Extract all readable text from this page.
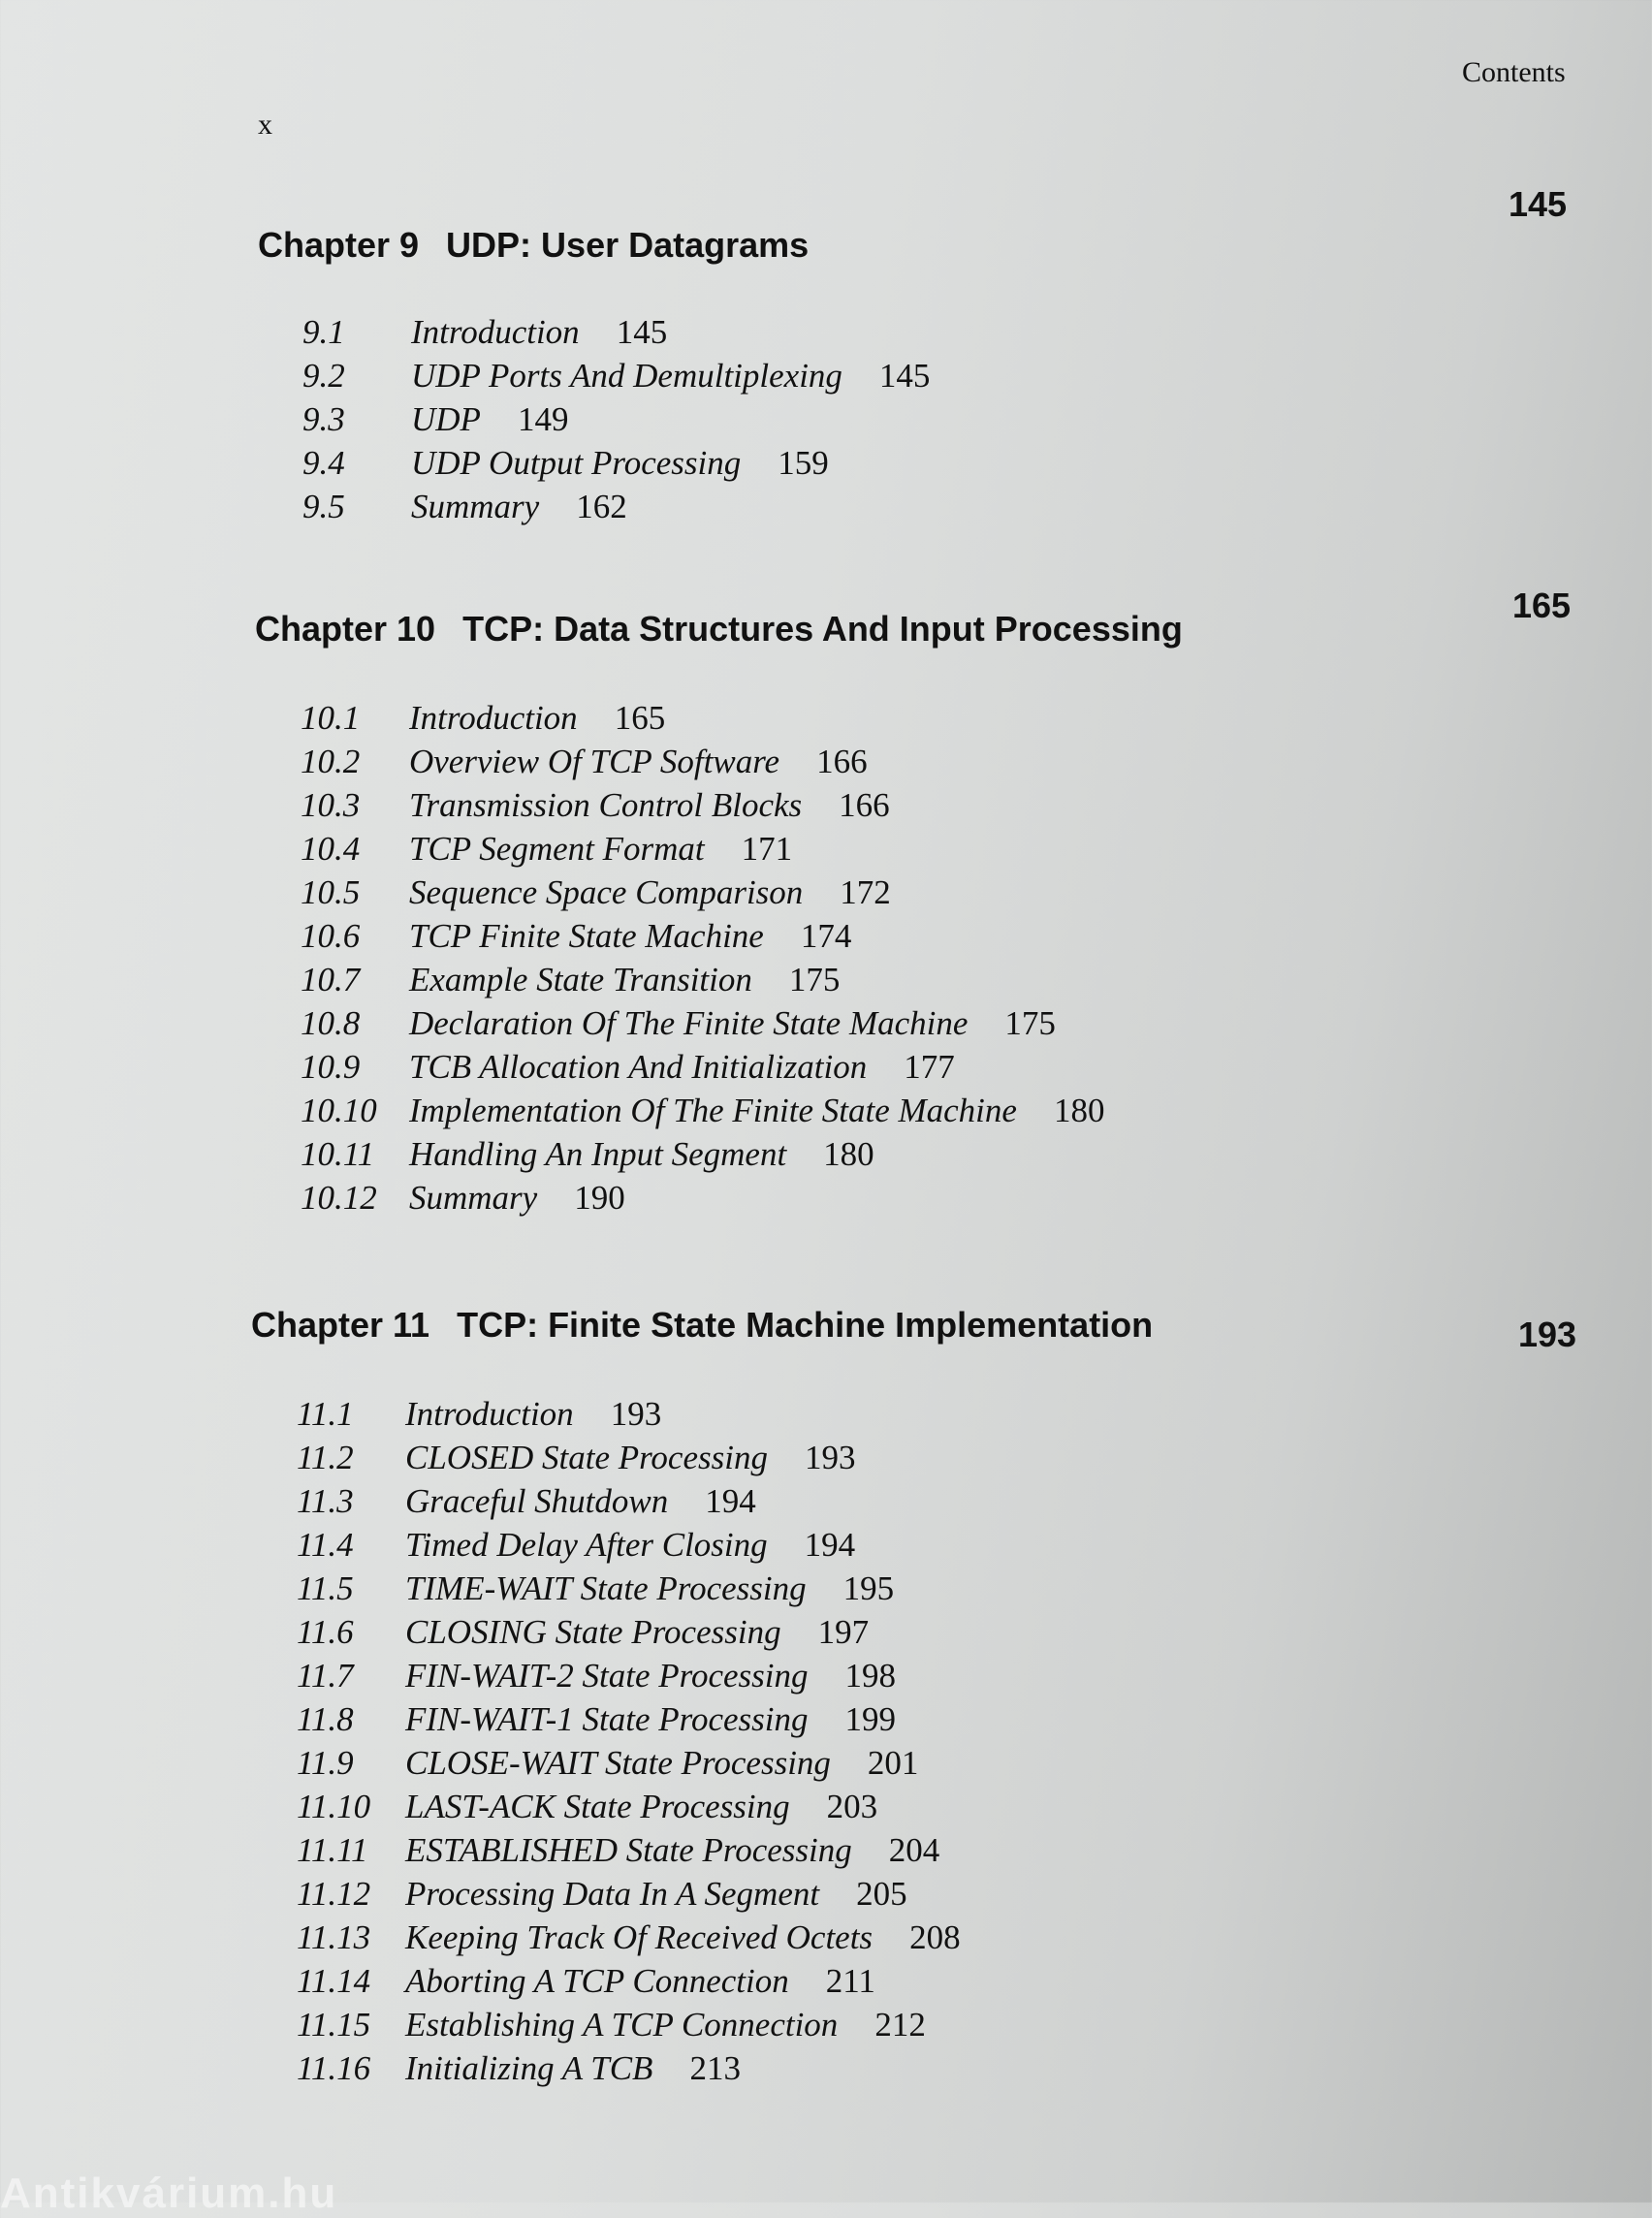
Contents
x
Chapter 9 UDP: User Datagrams
145
9.1 Introduction 145
9.2 UDP Ports And Demultiplexing 145
9.3 UDP 149
9.4 UDP Output Processing 159
9.5 Summary 162
Chapter 10 TCP: Data Structures And Input Processing
165
10.1 Introduction 165
10.2 Overview Of TCP Software 166
10.3 Transmission Control Blocks 166
10.4 TCP Segment Format 171
10.5 Sequence Space Comparison 172
10.6 TCP Finite State Machine 174
10.7 Example State Transition 175
10.8 Declaration Of The Finite State Machine 175
10.9 TCB Allocation And Initialization 177
10.10 Implementation Of The Finite State Machine 180
10.11 Handling An Input Segment 180
10.12 Summary 190
Chapter 11 TCP: Finite State Machine Implementation	193
11.1 Introduction 193
11.2 CLOSED State Processing 193
11.3 Graceful Shutdown 194
11.4 Timed Delay After Closing 194
11.5 TIME-WAIT State Processing 195
11.6 CLOSING State Processing 197
11.7 FIN-WAIT-2 State Processing 198
11.8 FIN-WAIT-1 State Processing 199
11.9 CLOSE-WAIT State Processing 201
11.10 LAST-ACK State Processing 203
11.11 ESTABLISHED State Processing 204
11.12 Processing Data In A Segment 205
11.13 Keeping Track Of Received Octets 208
11.14 Aborting A TCP Connection 211
11.15 Establishing A TCP Connection 212
11.16 Initializing A TCB 213
Antikvárium.hu
